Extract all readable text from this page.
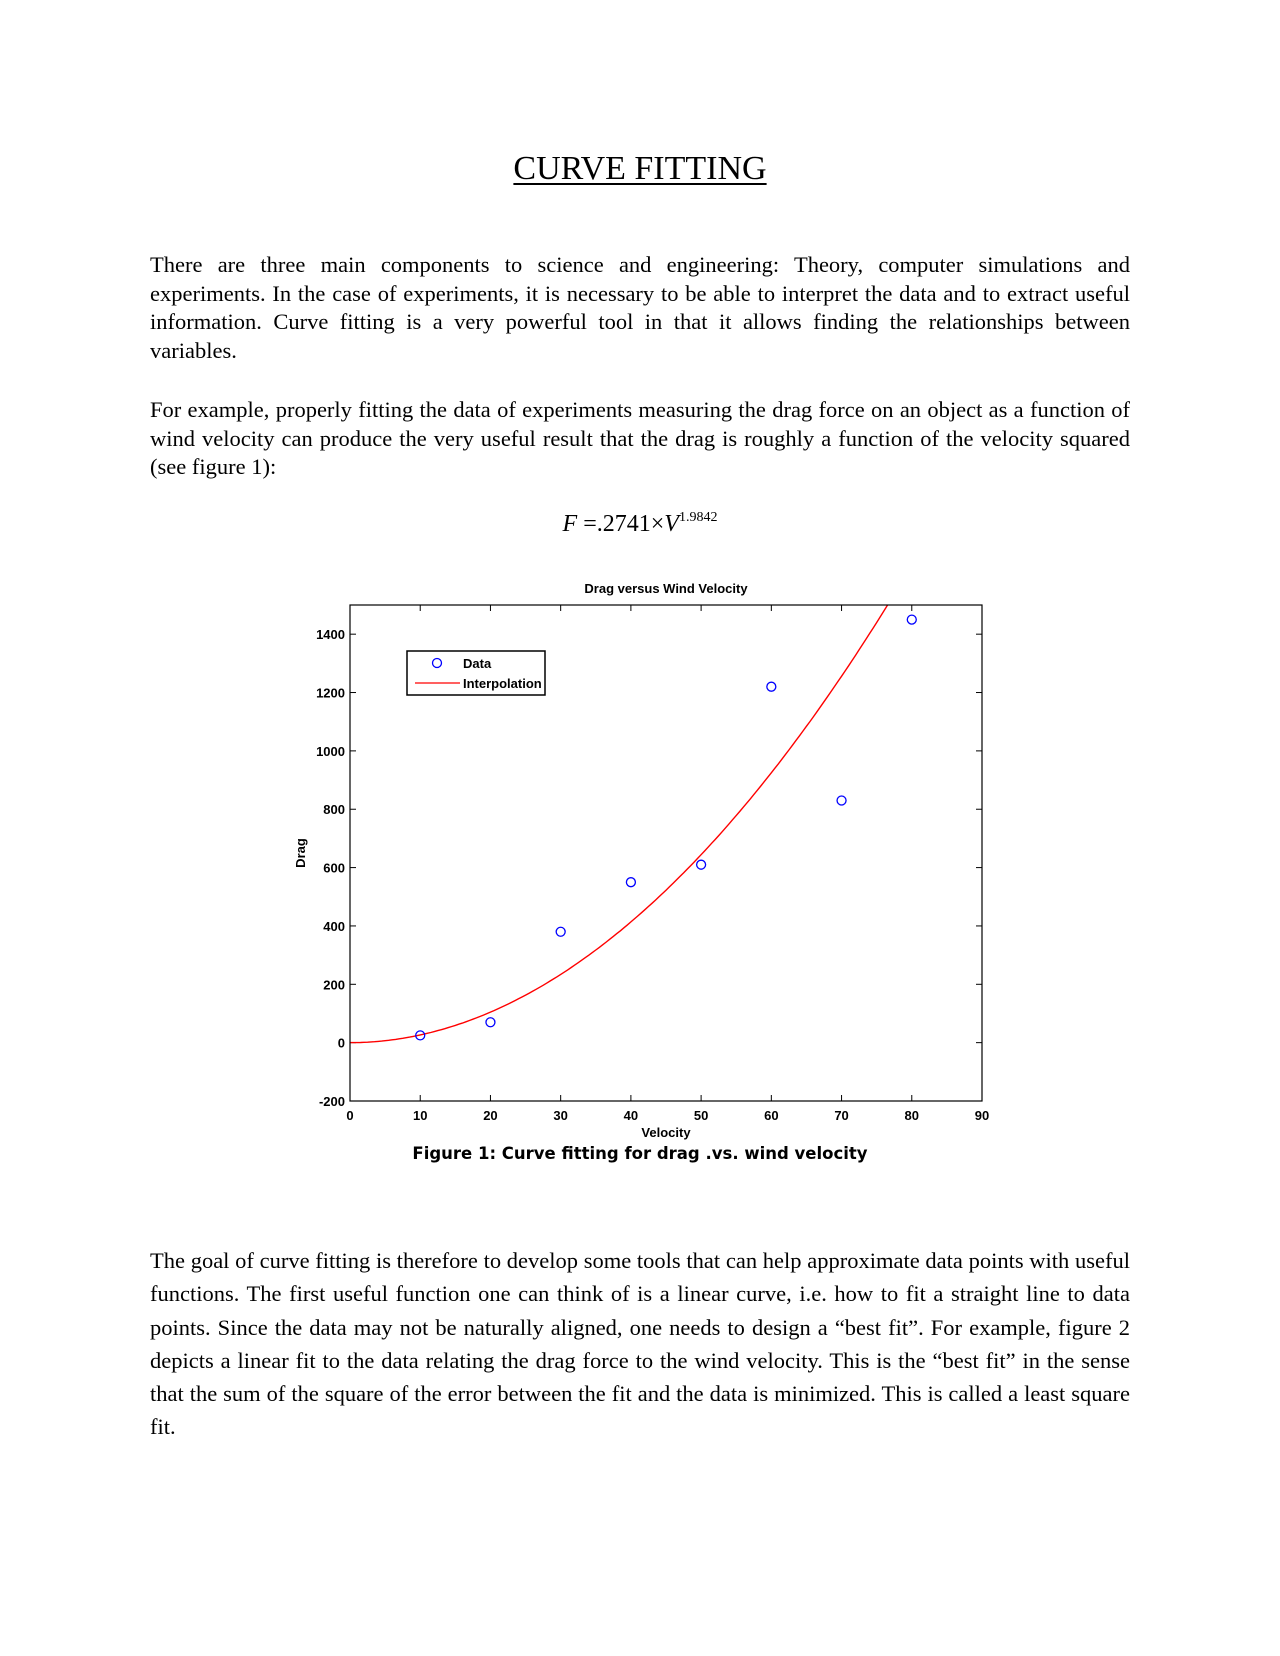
CURVE FITTING
There are three main components to science and engineering: Theory, computer simulations and experiments. In the case of experiments, it is necessary to be able to interpret the data and to extract useful information. Curve fitting is a very powerful tool in that it allows finding the relationships between variables.
For example, properly fitting the data of experiments measuring the drag force on an object as a function of wind velocity can produce the very useful result that the drag is roughly a function of the velocity squared (see figure 1):
$F =.2741\times V^{1.9842}$
Drag versus Wind Velocity
0	10	20	30	40	50	60	70	80	90
-200
0
200
400
600
800
1000
1200
1400
Velocity
Drag
Data
Interpolation
Figure 1: Curve fitting for drag .vs. wind velocity
The goal of curve fitting is therefore to develop some tools that can help approximate data points with useful functions. The first useful function one can think of is a linear curve, i.e. how to fit a straight line to data points. Since the data may not be naturally aligned, one needs to design a “best fit”. For example, figure 2 depicts a linear fit to the data relating the drag force to the wind velocity. This is the “best fit” in the sense that the sum of the square of the error between the fit and the data is minimized. This is called a least square fit.
